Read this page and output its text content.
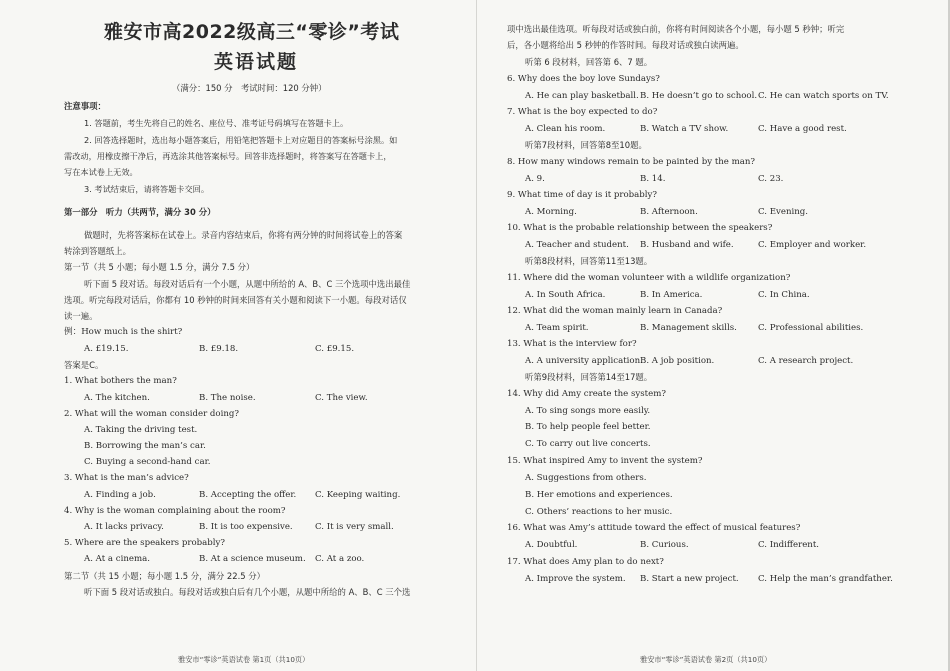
雅安市高2022级高三“零诊”考试
英语试题
（满分：150 分　考试时间：120 分钟）
注意事项：
1. 答题前，考生先将自己的姓名、座位号、准考证号码填写在答题卡上。
2. 回答选择题时，选出每小题答案后，用铅笔把答题卡上对应题目的答案标号涂黑。如
需改动，用橡皮擦干净后，再选涂其他答案标号。回答非选择题时，将答案写在答题卡上，
写在本试卷上无效。
3. 考试结束后，请将答题卡交回。
第一部分　听力（共两节，满分 30 分）
做题时，先将答案标在试卷上。录音内容结束后，你将有两分钟的时间将试卷上的答案
转涂到答题纸上。
第一节（共 5 小题；每小题 1.5 分，满分 7.5 分）
听下面 5 段对话。每段对话后有一个小题，从题中所给的 A、B、C 三个选项中选出最佳
选项。听完每段对话后，你都有 10 秒钟的时间来回答有关小题和阅读下一小题。每段对话仅
读一遍。
例：How much is the shirt?
A. £19.15.	B. £9.18.	C. £9.15.
答案是C。
1. What bothers the man?
A. The kitchen.	B. The noise.	C. The view.
2. What will the woman consider doing?
A. Taking the driving test.
B. Borrowing the man’s car.
C. Buying a second-hand car.
3. What is the man’s advice?
A. Finding a job.	B. Accepting the offer. C. Keeping waiting.
4. Why is the woman complaining about the room?
A. It lacks privacy.	B. It is too expensive.	C. It is very small.
5. Where are the speakers probably?
A. At a cinema.	B. At a science museum. C. At a zoo.
第二节（共 15 小题；每小题 1.5 分，满分 22.5 分）
听下面 5 段对话或独白。每段对话或独白后有几个小题，从题中所给的 A、B、C 三个选
雅安市“零诊”英语试卷 第1页（共10页）
项中选出最佳选项。听每段对话或独白前，你将有时间阅读各个小题，每小题 5 秒钟；听完
后，各小题将给出 5 秒钟的作答时间。每段对话或独白读两遍。
听第 6 段材料，回答第 6、7 题。
6. Why does the boy love Sundays?
A. He can play basketball. B. He doesn’t go to school. C. He can watch sports on TV.
7. What is the boy expected to do?
A. Clean his room.	B. Watch a TV show.	C. Have a good rest.
听第7段材料，回答第8至10题。
8. How many windows remain to be painted by the man?
A. 9.	B. 14.	C. 23.
9. What time of day is it probably?
A. Morning.	B. Afternoon.	C. Evening.
10. What is the probable relationship between the speakers?
A. Teacher and student. B. Husband and wife.	C. Employer and worker.
听第8段材料，回答第11至13题。
11. Where did the woman volunteer with a wildlife organization?
A. In South Africa.	B. In America.	C. In China.
12. What did the woman mainly learn in Canada?
A. Team spirit.	B. Management skills. C. Professional abilities.
13. What is the interview for?
A. A university application.
B. A job position.	C. A research project.
听第9段材料，回答第14至17题。
14. Why did Amy create the system?
A. To sing songs more easily.
B. To help people feel better.
C. To carry out live concerts.
15. What inspired Amy to invent the system?
A. Suggestions from others.
B. Her emotions and experiences.
C. Others’ reactions to her music.
16. What was Amy’s attitude toward the effect of musical features?
A. Doubtful.	B. Curious.	C. Indifferent.
17. What does Amy plan to do next?
A. Improve the system. B. Start a new project. C. Help the man’s grandfather.
雅安市“零诊”英语试卷 第2页（共10页）
